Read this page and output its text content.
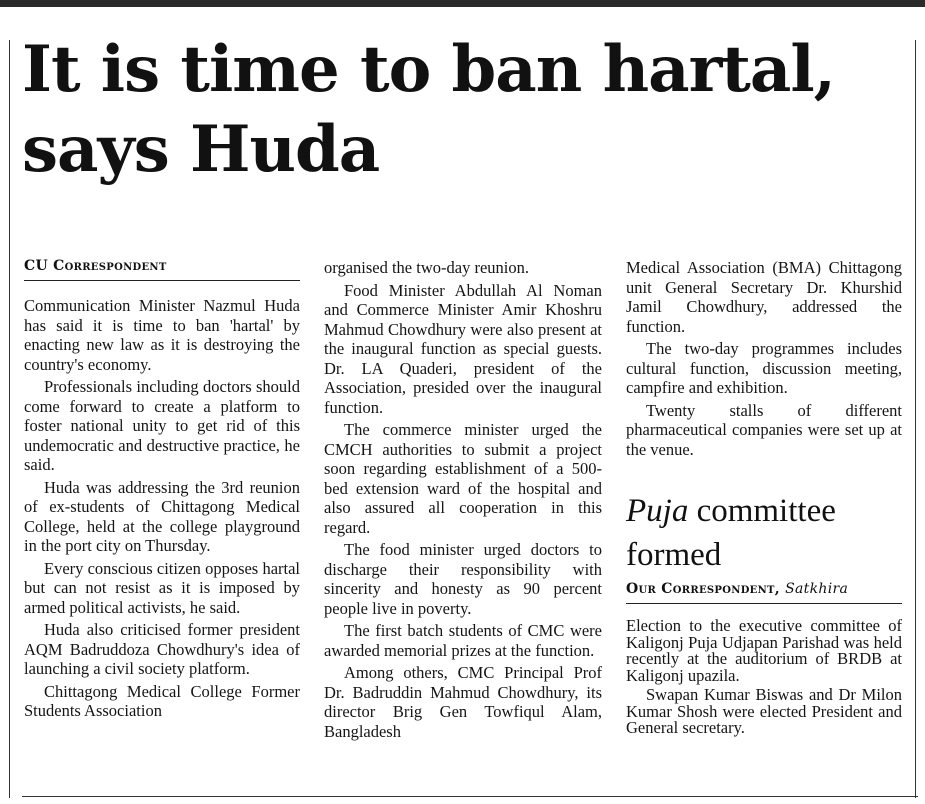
It is time to ban hartal, says Huda

CU Correspondent

Communication Minister Nazmul Huda has said it is time to ban 'hartal' by enacting new law as it is destroying the country's economy.

Professionals including doctors should come forward to create a platform to foster national unity to get rid of this undemocratic and destructive practice, he said.

Huda was addressing the 3rd reunion of ex-students of Chittagong Medical College, held at the college playground in the port city on Thursday.

Every conscious citizen opposes hartal but can not resist as it is imposed by armed political activists, he said.

Huda also criticised former president AQM Badruddoza Chowdhury's idea of launching a civil society platform.

Chittagong Medical College Former Students Association

organised the two-day reunion.

Food Minister Abdullah Al Noman and Commerce Minister Amir Khoshru Mahmud Chowdhury were also present at the inaugural function as special guests. Dr. LA Quaderi, president of the Association, presided over the inaugural function.

The commerce minister urged the CMCH authorities to submit a project soon regarding establishment of a 500-bed extension ward of the hospital and also assured all cooperation in this regard.

The food minister urged doctors to discharge their responsibility with sincerity and honesty as 90 percent people live in poverty.

The first batch students of CMC were awarded memorial prizes at the function.

Among others, CMC Principal Prof Dr. Badruddin Mahmud Chowdhury, its director Brig Gen Towfiqul Alam, Bangladesh

Medical Association (BMA) Chittagong unit General Secretary Dr. Khurshid Jamil Chowdhury, addressed the function.

The two-day programmes includes cultural function, discussion meeting, campfire and exhibition.

Twenty stalls of different pharmaceutical companies were set up at the venue.

Puja committee formed

Our Correspondent, Satkhira

Election to the executive committee of Kaligonj Puja Udjapan Parishad was held recently at the auditorium of BRDB at Kaligonj upazila.

Swapan Kumar Biswas and Dr Milon Kumar Shosh were elected President and General secretary.
